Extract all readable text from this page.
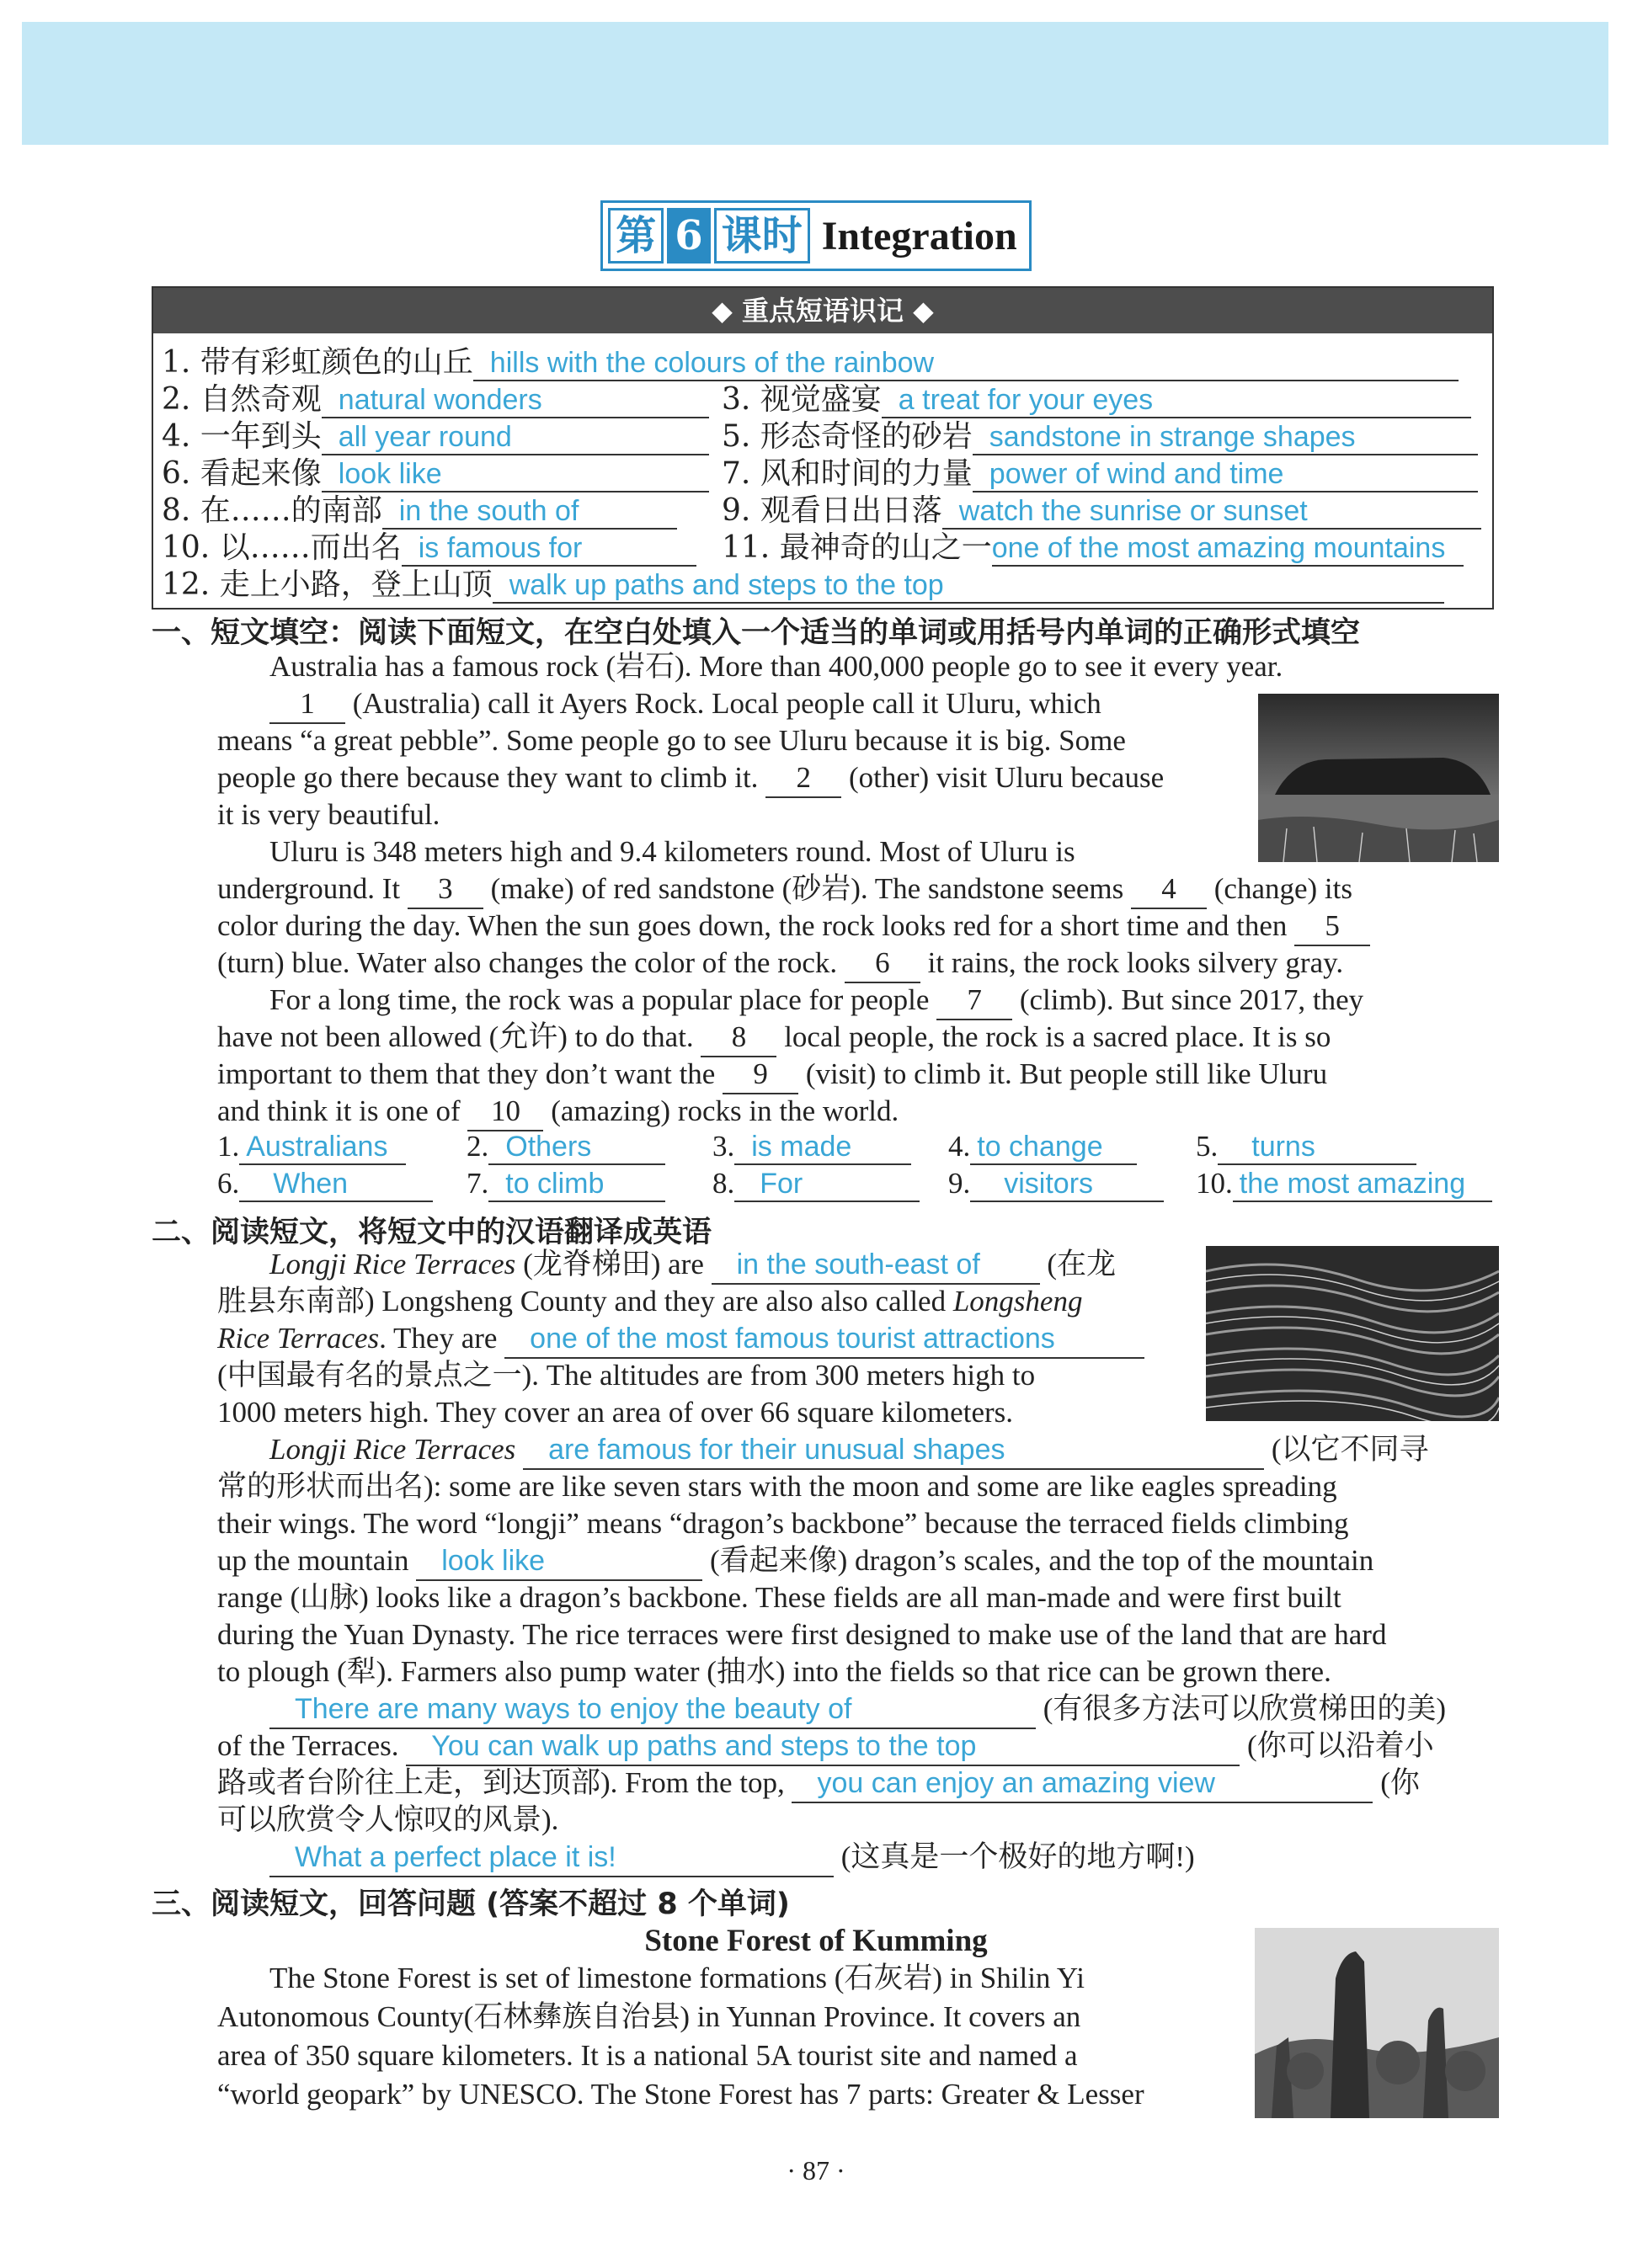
第 6 课时 Integration
◆ 重点短语识记 ◆
1. 带有彩虹颜色的山丘 hills with the colours of the rainbow
2. 自然奇观 natural wonders	3. 视觉盛宴 a treat for your eyes
4. 一年到头 all year round	5. 形态奇怪的砂岩 sandstone in strange shapes
6. 看起来像 look like	7. 风和时间的力量 power of wind and time
8. 在……的南部 in the south of	9. 观看日出日落 watch the sunrise or sunset
10. 以……而出名 is famous for	11. 最神奇的山之一one of the most amazing mountains
12. 走上小路，登上山顶 walk up paths and steps to the top
一、短文填空：阅读下面短文，在空白处填入一个适当的单词或用括号内单词的正确形式填空
Australia has a famous rock (岩石). More than 400,000 people go to see it every year.
1 (Australia) call it Ayers Rock. Local people call it Uluru, which
means “a great pebble”. Some people go to see Uluru because it is big. Some
people go there because they want to climb it. 2 (other) visit Uluru because
it is very beautiful.
Uluru is 348 meters high and 9.4 kilometers round. Most of Uluru is
underground. It 3 (make) of red sandstone (砂岩). The sandstone seems 4 (change) its
color during the day. When the sun goes down, the rock looks red for a short time and then 5
(turn) blue. Water also changes the color of the rock. 6 it rains, the rock looks silvery gray.
For a long time, the rock was a popular place for people 7 (climb). But since 2017, they
have not been allowed (允许) to do that. 8 local people, the rock is a sacred place. It is so
important to them that they don’t want the 9 (visit) to climb it. But people still like Uluru
and think it is one of 10 (amazing) rocks in the world.
1. Australians	2. Others	3. is made	4. to change	5. turns
6. When	7. to climb	8. For	9. visitors	10. the most amazing
二、阅读短文，将短文中的汉语翻译成英语
Longji Rice Terraces (龙脊梯田) are in the south-east of (在龙
胜县东南部) Longsheng County and they are also also called Longsheng
Rice Terraces. They are one of the most famous tourist attractions
(中国最有名的景点之一). The altitudes are from 300 meters high to
1000 meters high. They cover an area of over 66 square kilometers.
Longji Rice Terraces are famous for their unusual shapes	(以它不同寻
常的形状而出名): some are like seven stars with the moon and some are like eagles spreading
their wings. The word “longji” means “dragon’s backbone” because the terraced fields climbing
up the mountain look like	(看起来像) dragon’s scales, and the top of the mountain
range (山脉) looks like a dragon’s backbone. These fields are all man-made and were first built
during the Yuan Dynasty. The rice terraces were first designed to make use of the land that are hard
to plough (犁). Farmers also pump water (抽水) into the fields so that rice can be grown there.
There are many ways to enjoy the beauty of	(有很多方法可以欣赏梯田的美)
of the Terraces. You can walk up paths and steps to the top	(你可以沿着小
路或者台阶往上走，到达顶部). From the top, you can enjoy an amazing view	(你
可以欣赏令人惊叹的风景).
What a perfect place it is!	(这真是一个极好的地方啊!)
三、阅读短文，回答问题 (答案不超过 8 个单词)
Stone Forest of Kumming
The Stone Forest is set of limestone formations (石灰岩) in Shilin Yi
Autonomous County(石林彝族自治县) in Yunnan Province. It covers an
area of 350 square kilometers. It is a national 5A tourist site and named a
“world geopark” by UNESCO. The Stone Forest has 7 parts: Greater & Lesser
· 87 ·
